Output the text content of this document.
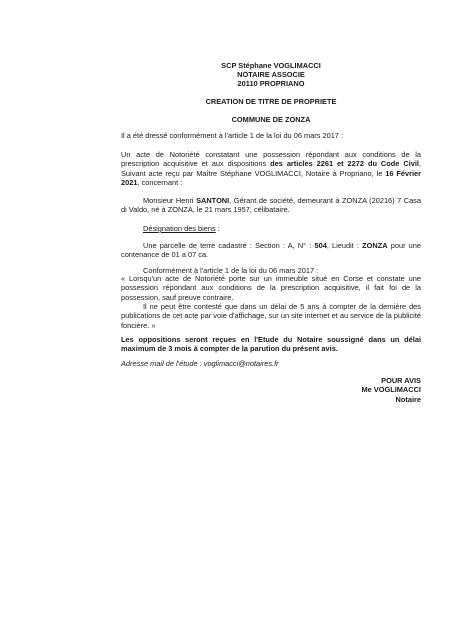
SCP Stéphane VOGLIMACCI
NOTAIRE ASSOCIE
20110 PROPRIANO
CREATION DE TITRE DE PROPRIETE
COMMUNE DE ZONZA
Il a été dressé conformément à l'article 1 de la loi du 06 mars 2017 :
Un acte de Notoriété constatant une possession répondant aux conditions de la prescription acquisitive et aux dispositions des articles 2261 et 2272 du Code Civil, Suivant acte reçu par Maître Stéphane VOGLIMACCI, Notaire à Propriano, le 16 Février 2021, concernant :
Monsieur Henri SANTONI, Gérant de société, demeurant à ZONZA (20216) 7 Casa di Valdo, né à ZONZA, le 21 mars 1957, célibataire.
Désignation des biens :
Une parcelle de terre cadastré : Section : A, N° : 504, Lieudit : ZONZA pour une contenance de 01 a 07 ca.
Conformément à l'article 1 de la loi du 06 mars 2017 :
« Lorsqu'un acte de Notoriété porte sur un immeuble situé en Corse et constate une possession répondant aux conditions de la prescription acquisitive, il fait foi de la possession, sauf preuve contraire.
Il ne peut être contesté que dans un délai de 5 ans à compter de la dernière des publications de cet acte par voie d'affichage, sur un site internet et au service de la publicité foncière. »
Les oppositions seront reçues en l'Etude du Notaire soussigné dans un délai maximum de 3 mois à compter de la parution du présent avis.
Adresse mail de l'étude : voglimacci@notaires.fr
POUR AVIS
Me VOGLIMACCI
Notaire
